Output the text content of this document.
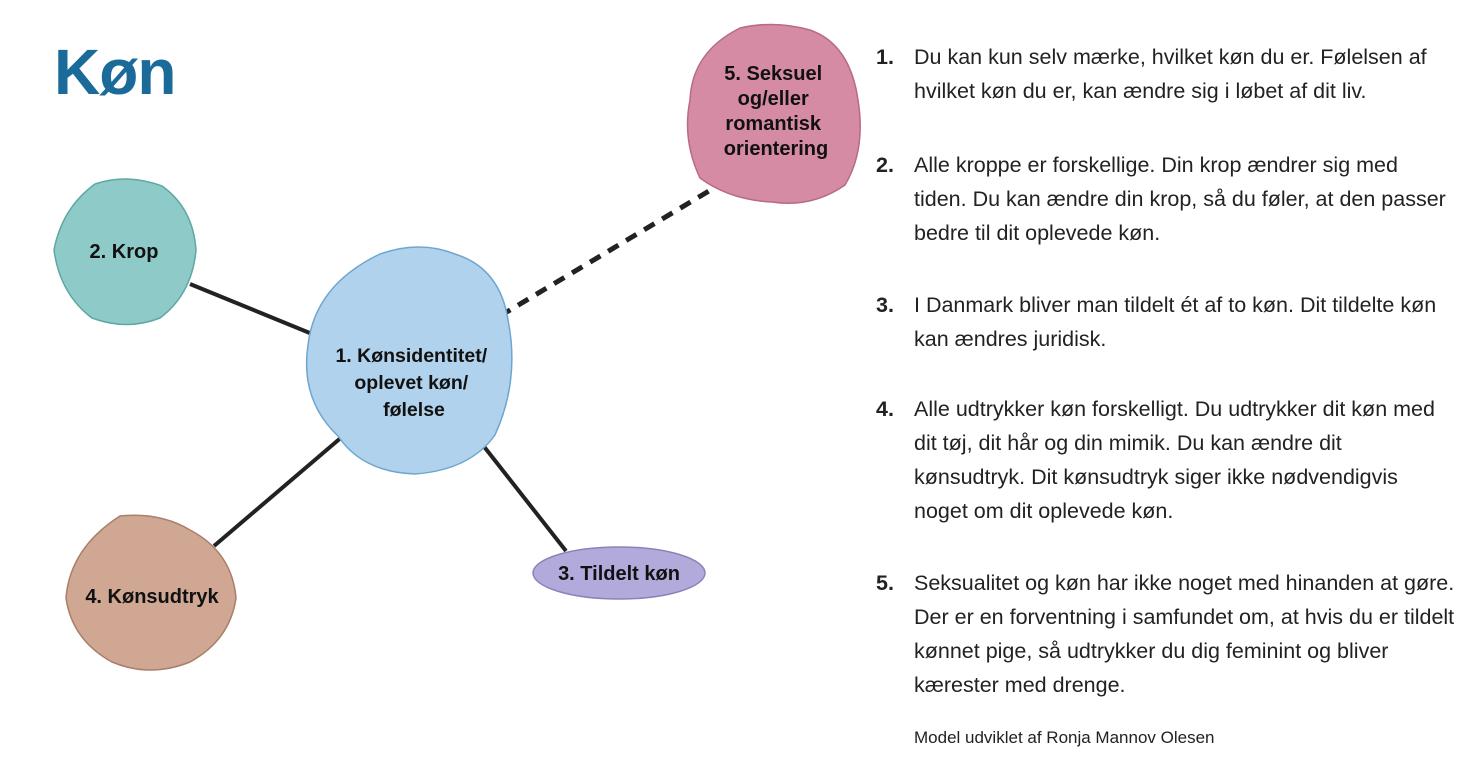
Køn
2. Krop
1. Kønsidentitet/ oplevet køn/ følelse
4. Kønsudtryk
3. Tildelt køn
5. Seksuel og/eller romantisk orientering
1. Du kan kun selv mærke, hvilket køn du er. Følelsen af hvilket køn du er, kan ændre sig i løbet af dit liv.
2. Alle kroppe er forskellige. Din krop ændrer sig med tiden. Du kan ændre din krop, så du føler, at den passer bedre til dit oplevede køn.
3. I Danmark bliver man tildelt ét af to køn. Dit tildelte køn kan ændres juridisk.
4. Alle udtrykker køn forskelligt. Du udtrykker dit køn med dit tøj, dit hår og din mimik. Du kan ændre dit kønsudtryk. Dit kønsudtryk siger ikke nødvendigvis noget om dit oplevede køn.
5. Seksualitet og køn har ikke noget med hinanden at gøre. Der er en forventning i samfundet om, at hvis du er tildelt kønnet pige, så udtrykker du dig feminint og bliver kærester med drenge.
Model udviklet af Ronja Mannov Olesen
